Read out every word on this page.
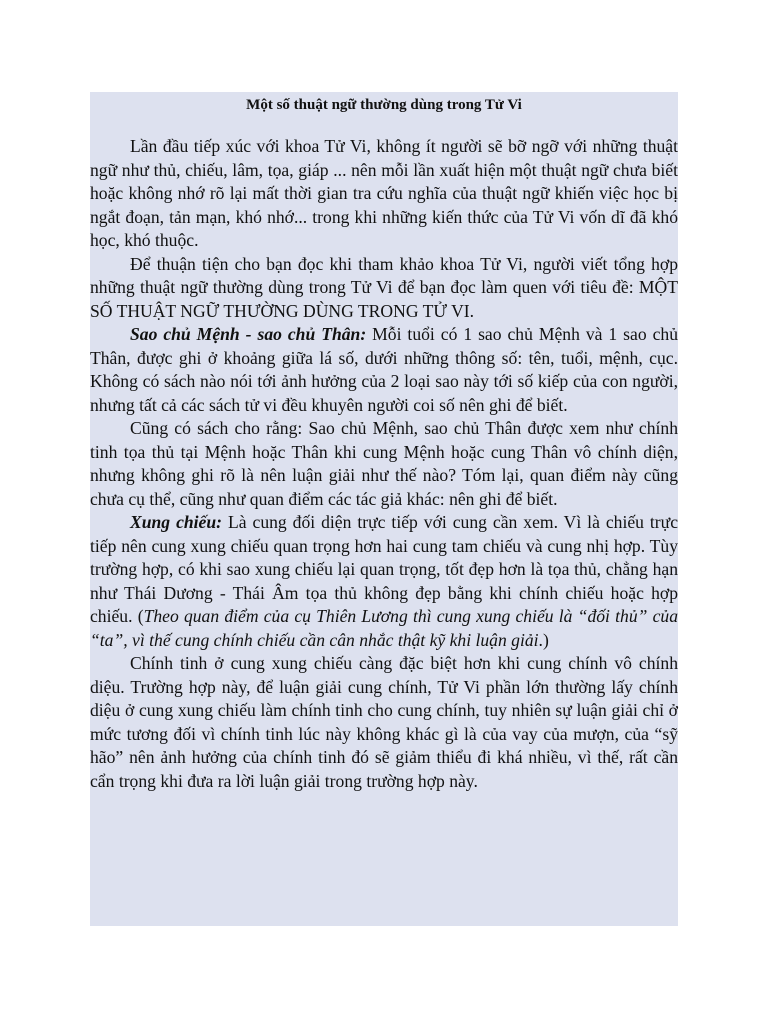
Một số thuật ngữ thường dùng trong Tử Vi

Lần đầu tiếp xúc với khoa Tử Vi, không ít người sẽ bỡ ngỡ với những thuật ngữ như thủ, chiếu, lâm, tọa, giáp ... nên mỗi lần xuất hiện một thuật ngữ chưa biết hoặc không nhớ rõ lại mất thời gian tra cứu nghĩa của thuật ngữ khiến việc học bị ngắt đoạn, tản mạn, khó nhớ... trong khi những kiến thức của Tử Vi vốn dĩ đã khó học, khó thuộc.

Để thuận tiện cho bạn đọc khi tham khảo khoa Tử Vi, người viết tổng hợp những thuật ngữ thường dùng trong Tử Vi để bạn đọc làm quen với tiêu đề: MỘT SỐ THUẬT NGỮ THƯỜNG DÙNG TRONG TỬ VI.

Sao chủ Mệnh - sao chủ Thân: Mỗi tuổi có 1 sao chủ Mệnh và 1 sao chủ Thân, được ghi ở khoảng giữa lá số, dưới những thông số: tên, tuổi, mệnh, cục. Không có sách nào nói tới ảnh hưởng của 2 loại sao này tới số kiếp của con người, nhưng tất cả các sách tử vi đều khuyên người coi số nên ghi để biết.

Cũng có sách cho rằng: Sao chủ Mệnh, sao chủ Thân được xem như chính tinh tọa thủ tại Mệnh hoặc Thân khi cung Mệnh hoặc cung Thân vô chính diện, nhưng không ghi rõ là nên luận giải như thế nào? Tóm lại, quan điểm này cũng chưa cụ thể, cũng như quan điểm các tác giả khác: nên ghi để biết.

Xung chiếu: Là cung đối diện trực tiếp với cung cần xem. Vì là chiếu trực tiếp nên cung xung chiếu quan trọng hơn hai cung tam chiếu và cung nhị hợp. Tùy trường hợp, có khi sao xung chiếu lại quan trọng, tốt đẹp hơn là tọa thủ, chẳng hạn như Thái Dương - Thái Âm tọa thủ không đẹp bằng khi chính chiếu hoặc hợp chiếu. (Theo quan điểm của cụ Thiên Lương thì cung xung chiếu là “đối thủ” của “ta”, vì thế cung chính chiếu cần cân nhắc thật kỹ khi luận giải.)

Chính tinh ở cung xung chiếu càng đặc biệt hơn khi cung chính vô chính diệu. Trường hợp này, để luận giải cung chính, Tử Vi phần lớn thường lấy chính diệu ở cung xung chiếu làm chính tinh cho cung chính, tuy nhiên sự luận giải chỉ ở mức tương đối vì chính tinh lúc này không khác gì là của vay của mượn, của “sỹ hão” nên ảnh hưởng của chính tinh đó sẽ giảm thiểu đi khá nhiều, vì thế, rất cần cẩn trọng khi đưa ra lời luận giải trong trường hợp này.
